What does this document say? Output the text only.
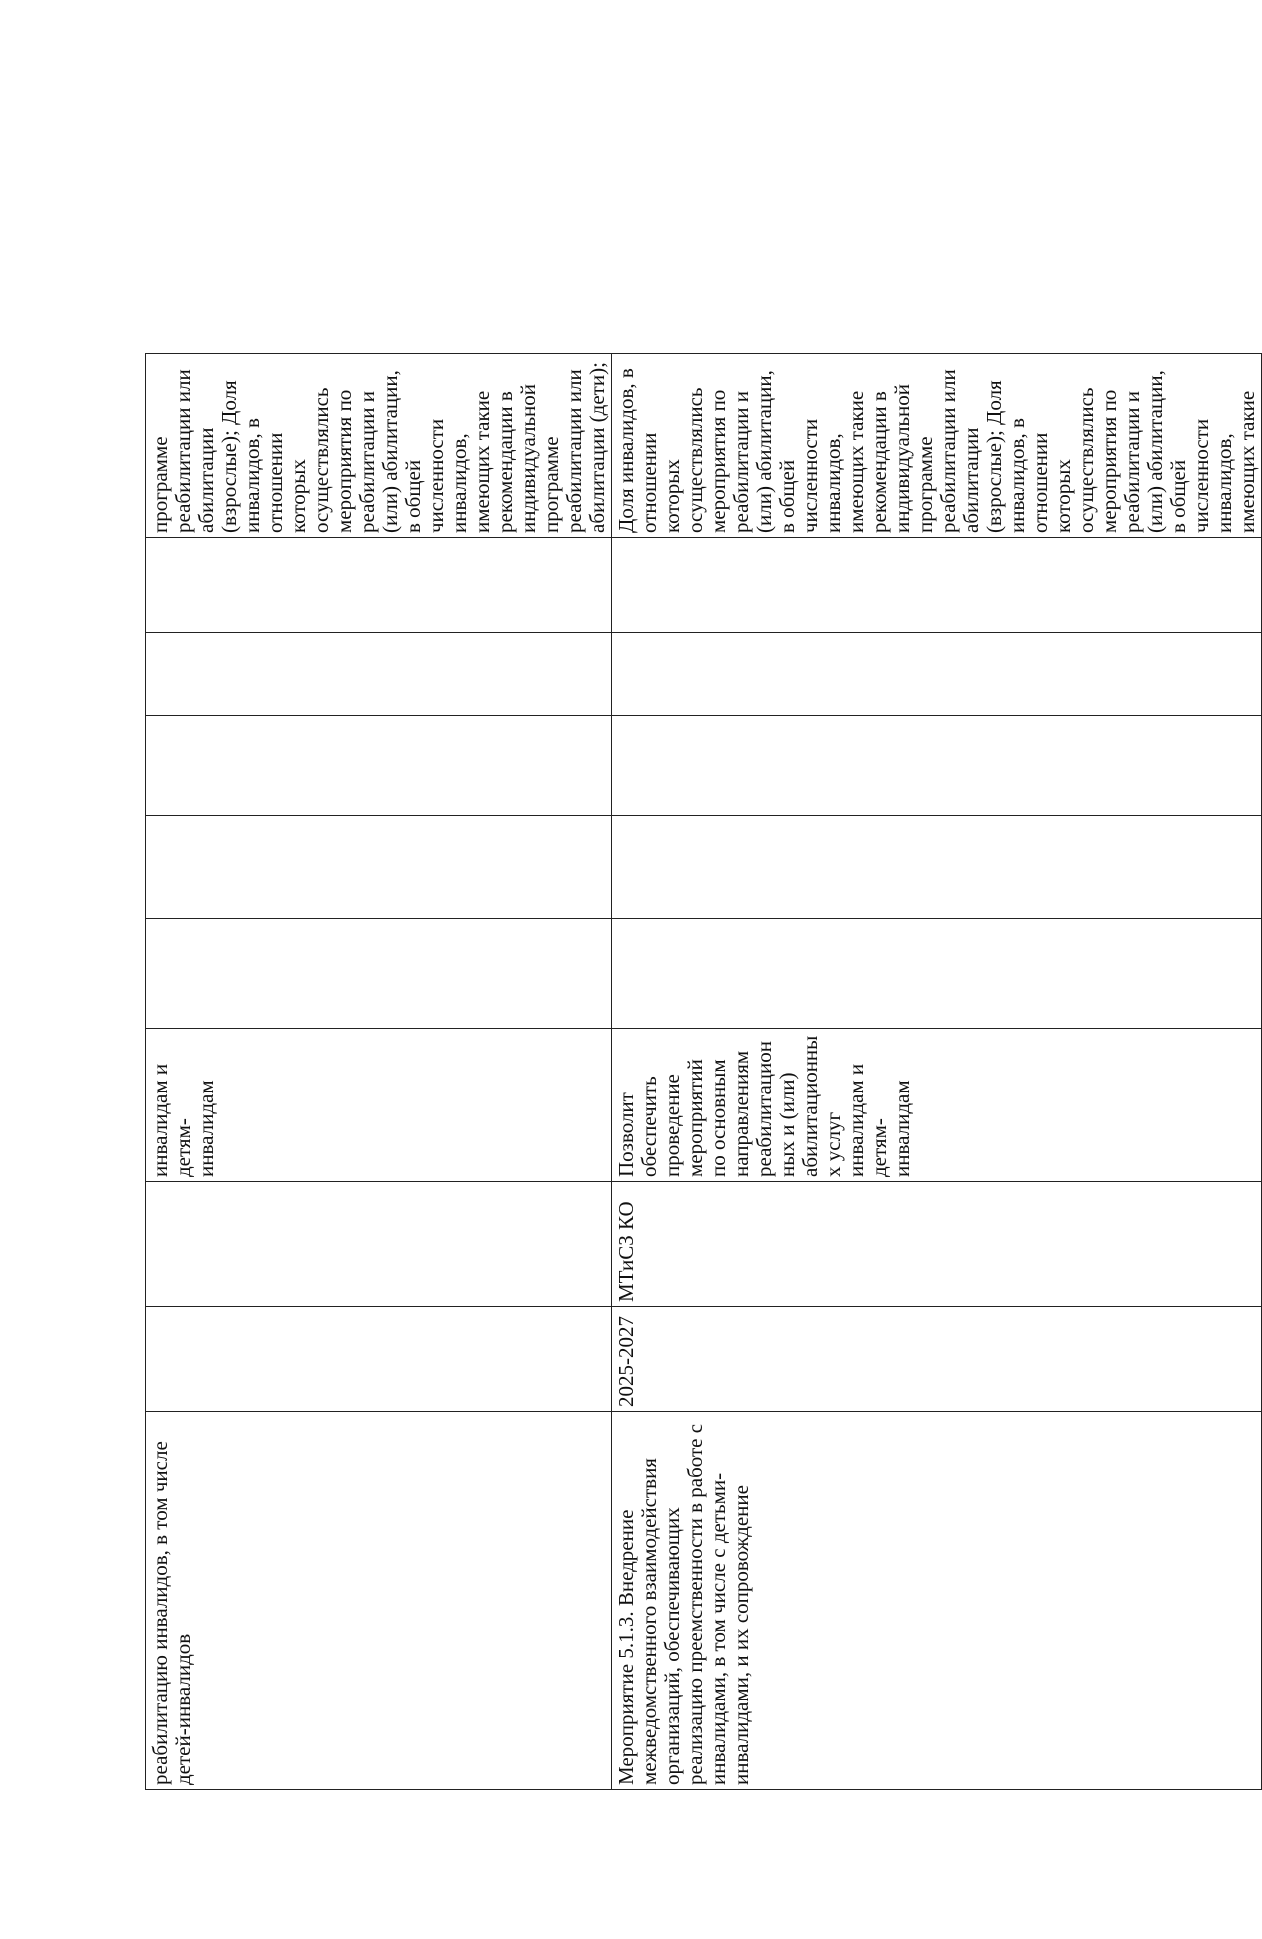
реабилитацию инвалидов, в том числе детей-инвалидов			инвалидам и детям-инвалидам						программе реабилитации или абилитации (взрослые); Доля инвалидов, в отношении которых осуществлялись мероприятия по реабилитации и (или) абилитации, в общей численности инвалидов, имеющих такие рекомендации в индивидуальной программе реабилитации или абилитации (дети);
Мероприятие 5.1.3. Внедрение межведомственного взаимодействия организаций, обеспечивающих реализацию преемственности в работе с инвалидами, в том числе с детьми-инвалидами, и их сопровождение	2025-2027	МТиСЗ КО	Позволит обеспечить проведение мероприятий по основным направлениям реабилитационных и (или) абилитационных услуг инвалидам и детям-инвалидам						Доля инвалидов, в отношении которых осуществлялись мероприятия по реабилитации и (или) абилитации, в общей численности инвалидов, имеющих такие рекомендации в индивидуальной программе реабилитации или абилитации (взрослые); Доля инвалидов, в отношении которых осуществлялись мероприятия по реабилитации и (или) абилитации, в общей численности инвалидов, имеющих такие
